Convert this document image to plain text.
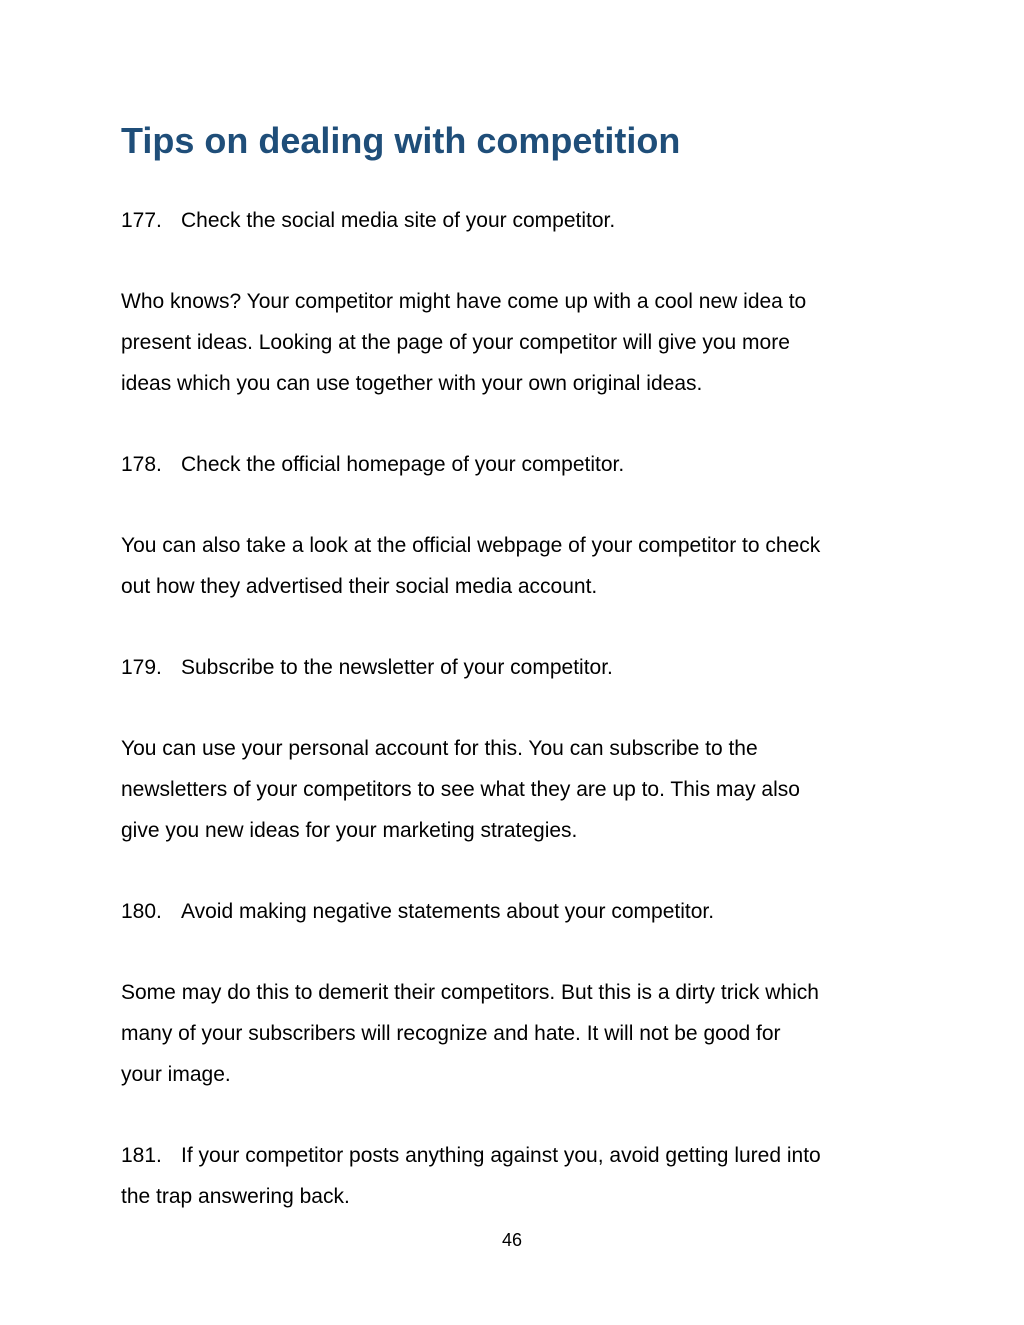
Tips on dealing with competition

177. Check the social media site of your competitor.

Who knows? Your competitor might have come up with a cool new idea to
present ideas. Looking at the page of your competitor will give you more
ideas which you can use together with your own original ideas.

178. Check the official homepage of your competitor.

You can also take a look at the official webpage of your competitor to check
out how they advertised their social media account.

179. Subscribe to the newsletter of your competitor.

You can use your personal account for this. You can subscribe to the
newsletters of your competitors to see what they are up to. This may also
give you new ideas for your marketing strategies.

180. Avoid making negative statements about your competitor.

Some may do this to demerit their competitors. But this is a dirty trick which
many of your subscribers will recognize and hate. It will not be good for
your image.

181. If your competitor posts anything against you, avoid getting lured into
the trap answering back.

46
